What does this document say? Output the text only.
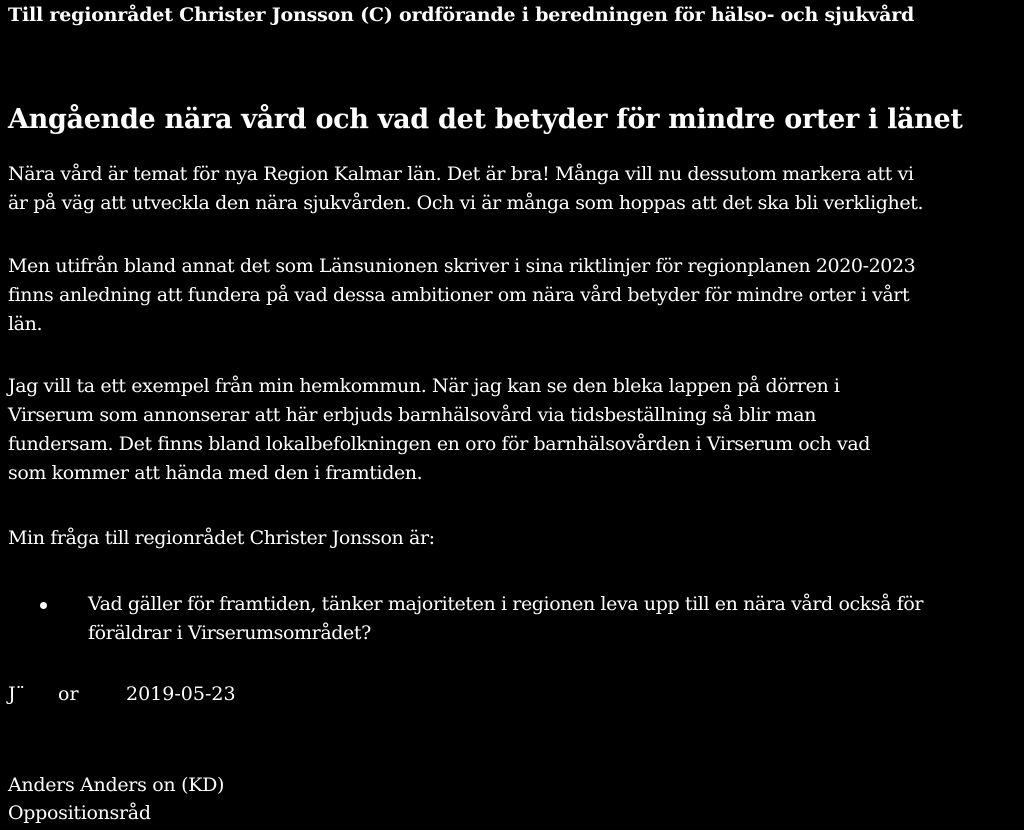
Till regionrådet Christer Jonsson (C) ordförande i beredningen för hälso- och sjukvård
Angående nära vård och vad det betyder för mindre orter i länet
Nära vård är temat för nya Region Kalmar län. Det är bra! Många vill nu dessutom markera att vi
är på väg att utveckla den nära sjukvården. Och vi är många som hoppas att det ska bli verklighet.
Men utifrån bland annat det som Länsunionen skriver i sina riktlinjer för regionplanen 2020-2023
finns anledning att fundera på vad dessa ambitioner om nära vård betyder för mindre orter i vårt
län.
Jag vill ta ett exempel från min hemkommun. När jag kan se den bleka lappen på dörren i
Virserum som annonserar att här erbjuds barnhälsovård via tidsbeställning så blir man
fundersam. Det finns bland lokalbefolkningen en oro för barnhälsovården i Virserum och vad
som kommer att hända med den i framtiden.
Min fråga till regionrådet Christer Jonsson är:
Vad gäller för framtiden, tänker majoriteten i regionen leva upp till en nära vård också för
föräldrar i Virserumsområdet?
J¨ or 2019-05-23
Anders Anders on (KD)
Oppositionsråd
